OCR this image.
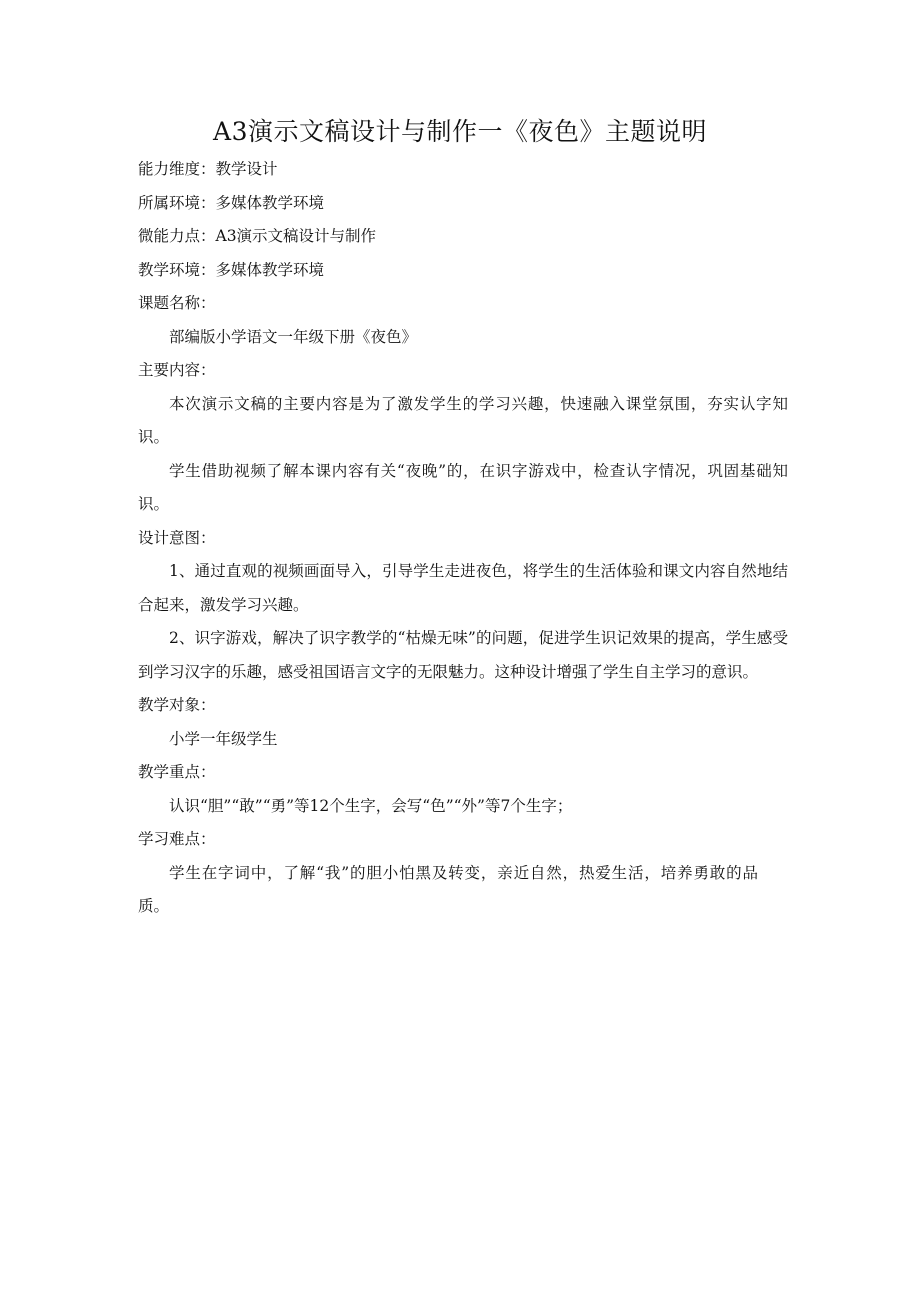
A3演示文稿设计与制作一《夜色》主题说明

能力维度：教学设计

所属环境：多媒体教学环境

微能力点：A3演示文稿设计与制作

教学环境：多媒体教学环境

课题名称：

部编版小学语文一年级下册《夜色》

主要内容：

本次演示文稿的主要内容是为了激发学生的学习兴趣，快速融入课堂氛围，夯实认字知识。

学生借助视频了解本课内容有关“夜晚”的，在识字游戏中，检查认字情况，巩固基础知识。

设计意图：

1、通过直观的视频画面导入，引导学生走进夜色，将学生的生活体验和课文内容自然地结合起来，激发学习兴趣。

2、识字游戏，解决了识字教学的“枯燥无味”的问题，促进学生识记效果的提高，学生感受到学习汉字的乐趣，感受祖国语言文字的无限魅力。这种设计增强了学生自主学习的意识。

教学对象：

小学一年级学生

教学重点：

认识“胆”“敢”“勇”等12个生字，会写“色”“外”等7个生字；

学习难点：

学生在字词中，了解“我”的胆小怕黑及转变，亲近自然，热爱生活，培养勇敢的品质。
